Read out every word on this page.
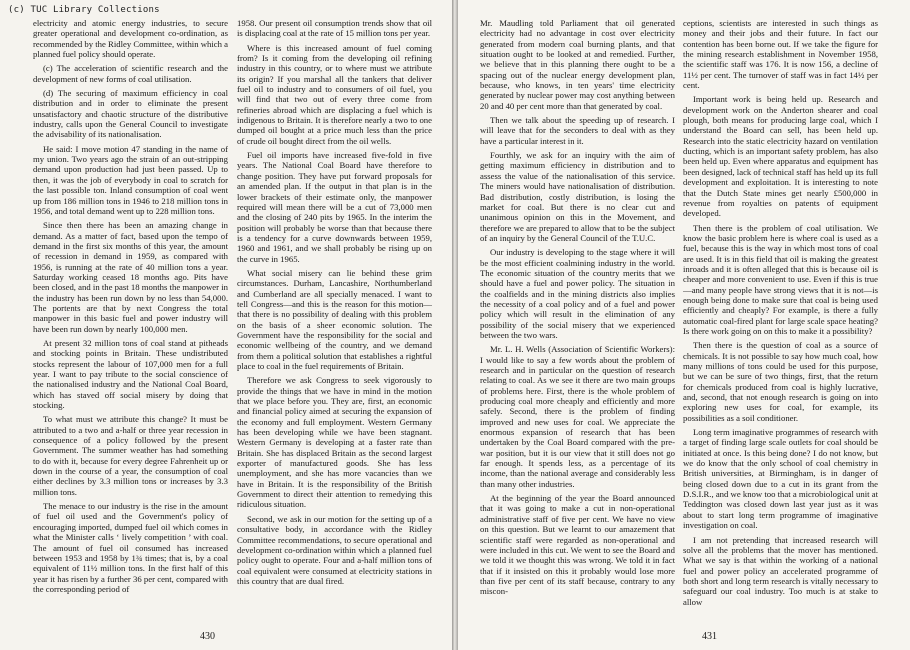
(c) TUC Library Collections

electricity and atomic energy industries, to secure greater operational and development co-ordination, as recommended by the Ridley Committee, within which a planned fuel policy should operate.

(c) The acceleration of scientific research and the development of new forms of coal utilisation.

(d) The securing of maximum efficiency in coal distribution and in order to eliminate the present unsatisfactory and chaotic structure of the distributive industry, calls upon the General Council to investigate the advisability of its nationalisation.

He said: I move motion 47 standing in the name of my union. Two years ago the strain of an out-stripping demand upon production had just been passed. Up to then, it was the job of everybody in coal to scratch for the last possible ton. Inland consumption of coal went up from 186 million tons in 1946 to 218 million tons in 1956, and total demand went up to 228 million tons.

Since then there has been an amazing change in demand. As a matter of fact, based upon the tempo of demand in the first six months of this year, the amount of recession in demand in 1959, as compared with 1956, is running at the rate of 40 million tons a year. Saturday working ceased 18 months ago. Pits have been closed, and in the past 18 months the manpower in the industry has been run down by no less than 54,000. The portents are that by next Congress the total manpower in this basic fuel and power industry will have been run down by nearly 100,000 men.

At present 32 million tons of coal stand at pitheads and stocking points in Britain. These undistributed stocks represent the labour of 107,000 men for a full year. I want to pay tribute to the social conscience of the nationalised industry and the National Coal Board, which has staved off social misery by doing that stocking.

To what must we attribute this change? It must be attributed to a two and a-half or three year recession in consequence of a policy followed by the present Government. The summer weather has had something to do with it, because for every degree Fahrenheit up or down in the course of a year, the consumption of coal either declines by 3.3 million tons or increases by 3.3 million tons.

The menace to our industry is the rise in the amount of fuel oil used and the Government's policy of encouraging imported, dumped fuel oil which comes in what the Minister calls ‘ lively competition ’ with coal. The amount of fuel oil consumed has increased between 1953 and 1958 by 1¾ times; that is, by a coal equivalent of 11½ million tons. In the first half of this year it has risen by a further 36 per cent, compared with the corresponding period of

1958. Our present oil consumption trends show that oil is displacing coal at the rate of 15 million tons per year.

Where is this increased amount of fuel coming from? Is it coming from the developing oil refining industry in this country, or to where must we attribute its origin? If you marshal all the tankers that deliver fuel oil to industry and to consumers of oil fuel, you will find that two out of every three come from refineries abroad which are displacing a fuel which is indigenous to Britain. It is therefore nearly a two to one dumped oil bought at a price much less than the price of crude oil bought direct from the oil wells.

Fuel oil imports have increased five-fold in five years. The National Coal Board have therefore to change position. They have put forward proposals for an amended plan. If the output in that plan is in the lower brackets of their estimate only, the manpower required will mean there will be a cut of 73,000 men and the closing of 240 pits by 1965. In the interim the position will probably be worse than that because there is a tendency for a curve downwards between 1959, 1960 and 1961, and we shall probably be rising up on the curve in 1965.

What social misery can lie behind these grim circumstances. Durham, Lancashire, Northumberland and Cumberland are all specially menaced. I want to tell Congress—and this is the reason for this motion—that there is no possibility of dealing with this problem on the basis of a sheer economic solution. The Government have the responsibility for the social and economic wellbeing of the country, and we demand from them a political solution that establishes a rightful place to coal in the fuel requirements of Britain.

Therefore we ask Congress to seek vigorously to provide the things that we have in mind in the motion that we place before you. They are, first, an economic and financial policy aimed at securing the expansion of the economy and full employment. Western Germany has been developing while we have been stagnant. Western Germany is developing at a faster rate than Britain. She has displaced Britain as the second largest exporter of manufactured goods. She has less unemployment, and she has more vacancies than we have in Britain. It is the responsibility of the British Government to direct their attention to remedying this ridiculous situation.

Second, we ask in our motion for the setting up of a consultative body, in accordance with the Ridley Committee recommendations, to secure operational and development co-ordination within which a planned fuel policy ought to operate. Four and a-half million tons of coal equivalent were consumed at electricity stations in this country that are dual fired.

430

Mr. Maudling told Parliament that oil generated electricity had no advantage in cost over electricity generated from modern coal burning plants, and that situation ought to be looked at and remedied. Further, we believe that in this planning there ought to be a spacing out of the nuclear energy development plan, because, who knows, in ten years' time electricity generated by nuclear power may cost anything between 20 and 40 per cent more than that generated by coal.

Then we talk about the speeding up of research. I will leave that for the seconders to deal with as they have a particular interest in it.

Fourthly, we ask for an inquiry with the aim of getting maximum efficiency in distribution and to assess the value of the nationalisation of this service. The miners would have nationalisation of distribution. Bad distribution, costly distribution, is losing the market for coal. But there is no clear cut and unanimous opinion on this in the Movement, and therefore we are prepared to allow that to be the subject of an inquiry by the General Council of the T.U.C.

Our industry is developing to the stage where it will be the most efficient coalmining industry in the world. The economic situation of the country merits that we should have a fuel and power policy. The situation in the coalfields and in the mining districts also implies the necessity of a coal policy and of a fuel and power policy which will result in the elimination of any possibility of the social misery that we experienced between the two wars.

Mr. L. H. Wells (Association of Scientific Workers): I would like to say a few words about the problem of research and in particular on the question of research relating to coal. As we see it there are two main groups of problems here. First, there is the whole problem of producing coal more cheaply and efficiently and more safely. Second, there is the problem of finding improved and new uses for coal. We appreciate the enormous expansion of research that has been undertaken by the Coal Board compared with the pre-war position, but it is our view that it still does not go far enough. It spends less, as a percentage of its income, than the national average and considerably less than many other industries.

At the beginning of the year the Board announced that it was going to make a cut in non-operational administrative staff of five per cent. We have no view on this question. But we learnt to our amazement that scientific staff were regarded as non-operational and were included in this cut. We went to see the Board and we told it we thought this was wrong. We told it in fact that if it insisted on this it probably would lose more than five per cent of its staff because, contrary to any miscon-

ceptions, scientists are interested in such things as money and their jobs and their future. In fact our contention has been borne out. If we take the figure for the mining research establishment in November 1958, the scientific staff was 176. It is now 156, a decline of 11½ per cent. The turnover of staff was in fact 14½ per cent.

Important work is being held up. Research and development work on the Anderton shearer and coal plough, both means for producing large coal, which I understand the Board can sell, has been held up. Research into the static electricity hazard on ventilation ducting, which is an important safety problem, has also been held up. Even where apparatus and equipment has been designed, lack of technical staff has held up its full development and exploitation. It is interesting to note that the Dutch State mines get nearly £500,000 in revenue from royalties on patents of equipment developed.

Then there is the problem of coal utilisation. We know the basic problem here is where coal is used as a fuel, because this is the way in which most tons of coal are used. It is in this field that oil is making the greatest inroads and it is often alleged that this is because oil is cheaper and more convenient to use. Even if this is true—and many people have strong views that it is not—is enough being done to make sure that coal is being used efficiently and cheaply? For example, is there a fully automatic coal-fired plant for large scale space heating? Is there work going on on this to make it a possibility?

Then there is the question of coal as a source of chemicals. It is not possible to say how much coal, how many millions of tons could be used for this purpose, but we can be sure of two things, first, that the return for chemicals produced from coal is highly lucrative, and, second, that not enough research is going on into exploring new uses for coal, for example, its possibilities as a soil conditioner.

Long term imaginative programmes of research with a target of finding large scale outlets for coal should be initiated at once. Is this being done? I do not know, but we do know that the only school of coal chemistry in British universities, at Birmingham, is in danger of being closed down due to a cut in its grant from the D.S.I.R., and we know too that a microbiological unit at Teddington was closed down last year just as it was about to start long term programme of imaginative investigation on coal.

I am not pretending that increased research will solve all the problems that the mover has mentioned. What we say is that within the working of a national fuel and power policy an accelerated programme of both short and long term research is vitally necessary to safeguard our coal industry. Too much is at stake to allow

431
